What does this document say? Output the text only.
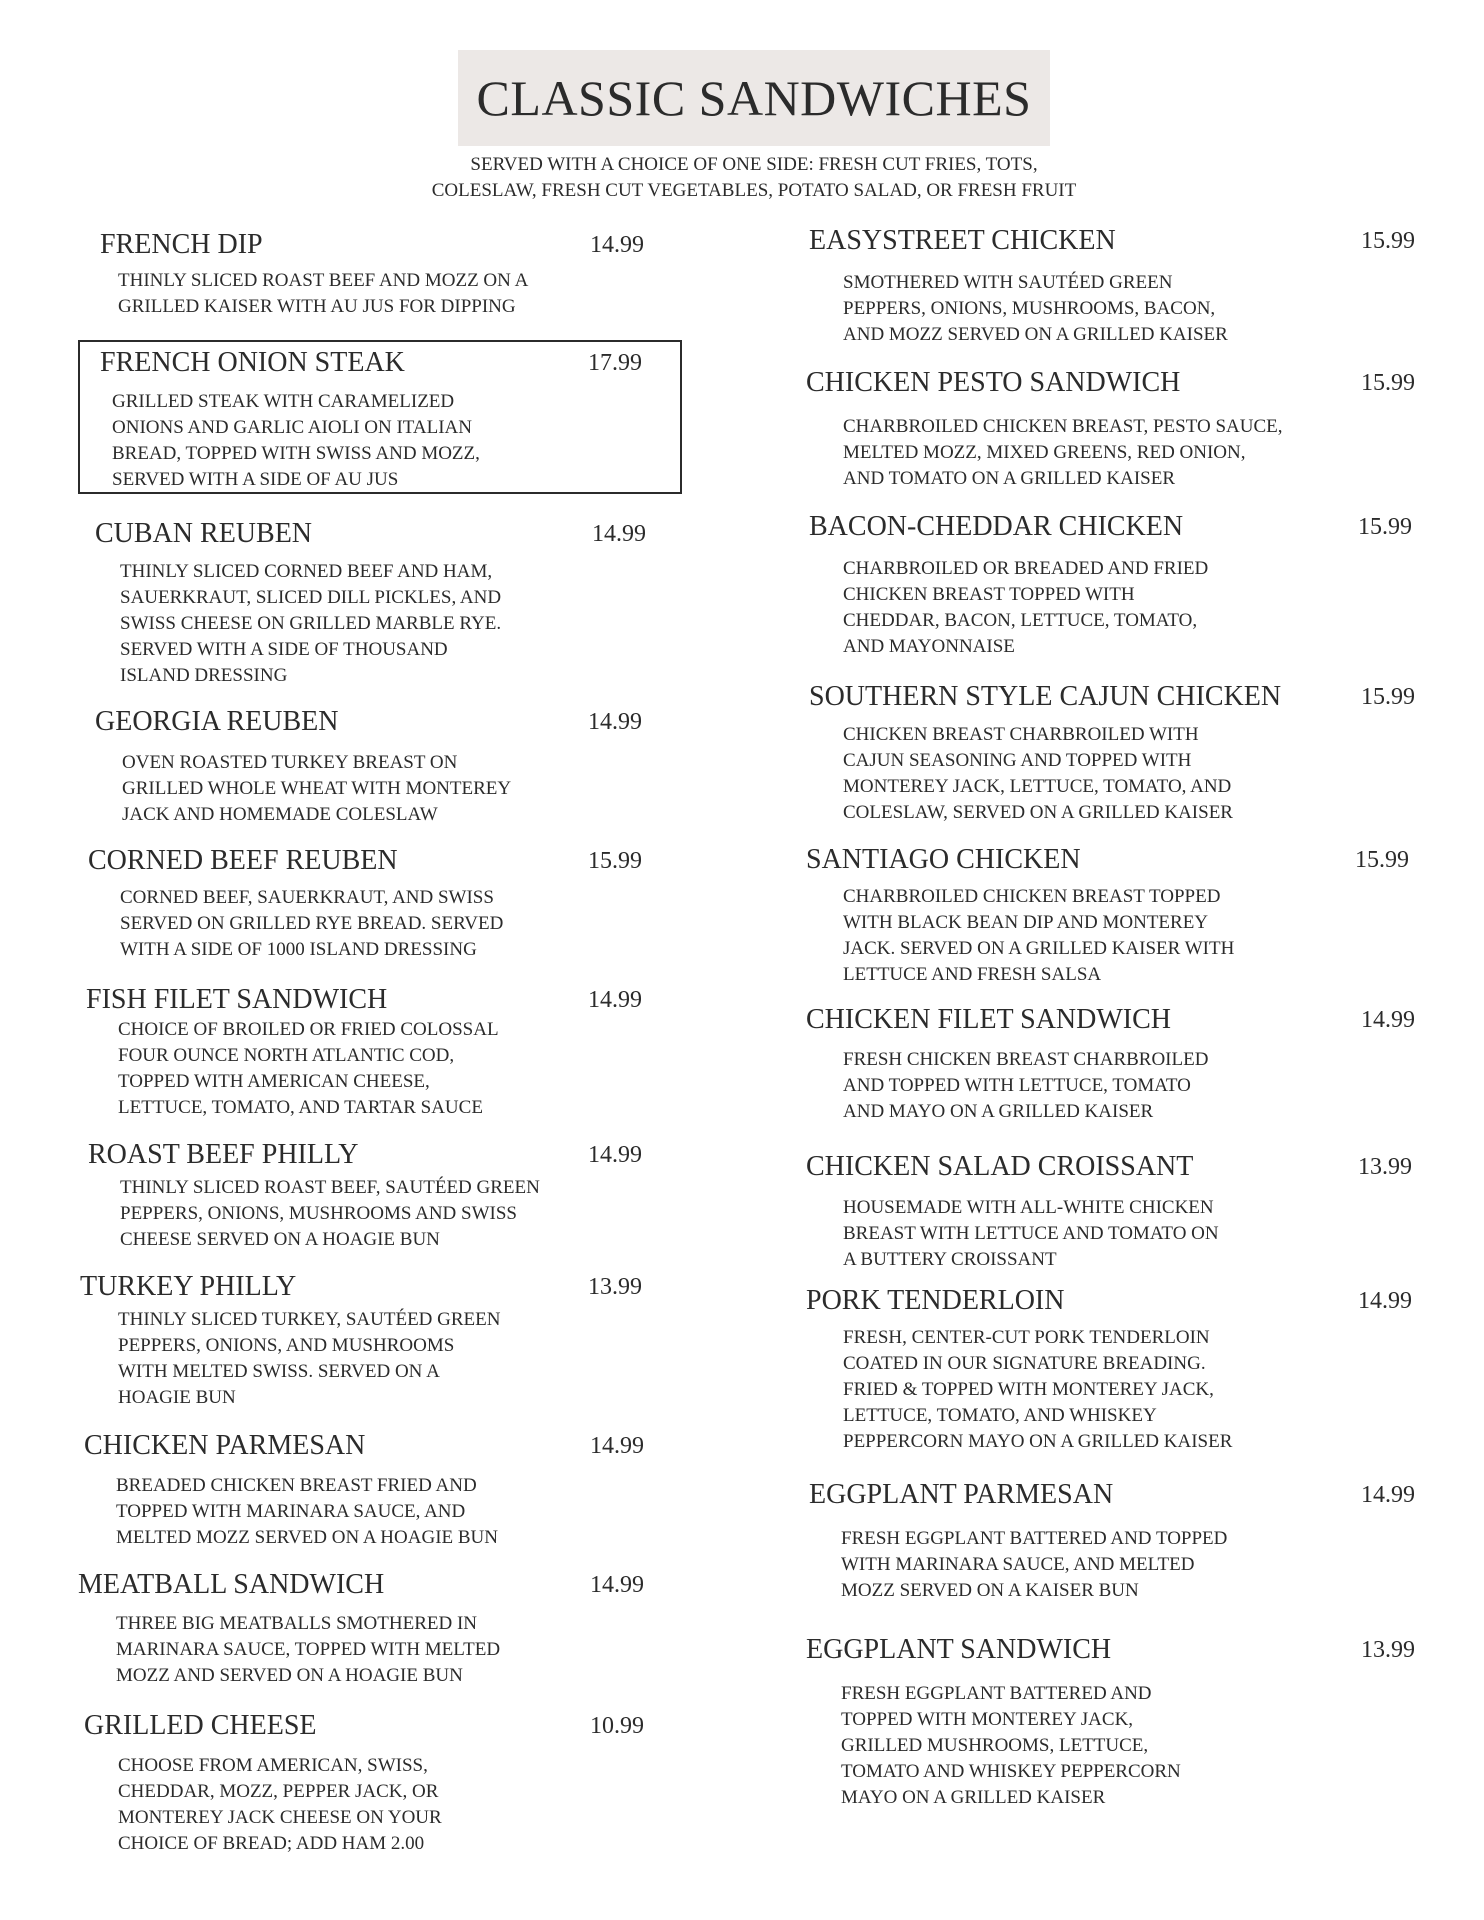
CLASSIC SANDWICHES
SERVED WITH A CHOICE OF ONE SIDE: FRESH CUT FRIES, TOTS,
COLESLAW, FRESH CUT VEGETABLES, POTATO SALAD, OR FRESH FRUIT
FRENCH DIP	14.99
THINLY SLICED ROAST BEEF AND MOZZ ON A
GRILLED KAISER WITH AU JUS FOR DIPPING
FRENCH ONION STEAK	17.99
GRILLED STEAK WITH CARAMELIZED
ONIONS AND GARLIC AIOLI ON ITALIAN
BREAD, TOPPED WITH SWISS AND MOZZ,
SERVED WITH A SIDE OF AU JUS
CUBAN REUBEN	14.99
THINLY SLICED CORNED BEEF AND HAM,
SAUERKRAUT, SLICED DILL PICKLES, AND
SWISS CHEESE ON GRILLED MARBLE RYE.
SERVED WITH A SIDE OF THOUSAND
ISLAND DRESSING
GEORGIA REUBEN	14.99
OVEN ROASTED TURKEY BREAST ON
GRILLED WHOLE WHEAT WITH MONTEREY
JACK AND HOMEMADE COLESLAW
CORNED BEEF REUBEN	15.99
CORNED BEEF, SAUERKRAUT, AND SWISS
SERVED ON GRILLED RYE BREAD. SERVED
WITH A SIDE OF 1000 ISLAND DRESSING
FISH FILET SANDWICH	14.99
CHOICE OF BROILED OR FRIED COLOSSAL
FOUR OUNCE NORTH ATLANTIC COD,
TOPPED WITH AMERICAN CHEESE,
LETTUCE, TOMATO, AND TARTAR SAUCE
ROAST BEEF PHILLY	14.99
THINLY SLICED ROAST BEEF, SAUTÉED GREEN
PEPPERS, ONIONS, MUSHROOMS AND SWISS
CHEESE SERVED ON A HOAGIE BUN
TURKEY PHILLY	13.99
THINLY SLICED TURKEY, SAUTÉED GREEN
PEPPERS, ONIONS, AND MUSHROOMS
WITH MELTED SWISS. SERVED ON A
HOAGIE BUN
CHICKEN PARMESAN	14.99
BREADED CHICKEN BREAST FRIED AND
TOPPED WITH MARINARA SAUCE, AND
MELTED MOZZ SERVED ON A HOAGIE BUN
MEATBALL SANDWICH	14.99
THREE BIG MEATBALLS SMOTHERED IN
MARINARA SAUCE, TOPPED WITH MELTED
MOZZ AND SERVED ON A HOAGIE BUN
GRILLED CHEESE	10.99
CHOOSE FROM AMERICAN, SWISS,
CHEDDAR, MOZZ, PEPPER JACK, OR
MONTEREY JACK CHEESE ON YOUR
CHOICE OF BREAD; ADD HAM 2.00
EASYSTREET CHICKEN	15.99
SMOTHERED WITH SAUTÉED GREEN
PEPPERS, ONIONS, MUSHROOMS, BACON,
AND MOZZ SERVED ON A GRILLED KAISER
CHICKEN PESTO SANDWICH	15.99
CHARBROILED CHICKEN BREAST, PESTO SAUCE,
MELTED MOZZ, MIXED GREENS, RED ONION,
AND TOMATO ON A GRILLED KAISER
BACON-CHEDDAR CHICKEN	15.99
CHARBROILED OR BREADED AND FRIED
CHICKEN BREAST TOPPED WITH
CHEDDAR, BACON, LETTUCE, TOMATO,
AND MAYONNAISE
SOUTHERN STYLE CAJUN CHICKEN	15.99
CHICKEN BREAST CHARBROILED WITH
CAJUN SEASONING AND TOPPED WITH
MONTEREY JACK, LETTUCE, TOMATO, AND
COLESLAW, SERVED ON A GRILLED KAISER
SANTIAGO CHICKEN	15.99
CHARBROILED CHICKEN BREAST TOPPED
WITH BLACK BEAN DIP AND MONTEREY
JACK. SERVED ON A GRILLED KAISER WITH
LETTUCE AND FRESH SALSA
CHICKEN FILET SANDWICH	14.99
FRESH CHICKEN BREAST CHARBROILED
AND TOPPED WITH LETTUCE, TOMATO
AND MAYO ON A GRILLED KAISER
CHICKEN SALAD CROISSANT	13.99
HOUSEMADE WITH ALL-WHITE CHICKEN
BREAST WITH LETTUCE AND TOMATO ON
A BUTTERY CROISSANT
PORK TENDERLOIN	14.99
FRESH, CENTER-CUT PORK TENDERLOIN
COATED IN OUR SIGNATURE BREADING.
FRIED & TOPPED WITH MONTEREY JACK,
LETTUCE, TOMATO, AND WHISKEY
PEPPERCORN MAYO ON A GRILLED KAISER
EGGPLANT PARMESAN	14.99
FRESH EGGPLANT BATTERED AND TOPPED
WITH MARINARA SAUCE, AND MELTED
MOZZ SERVED ON A KAISER BUN
EGGPLANT SANDWICH	13.99
FRESH EGGPLANT BATTERED AND
TOPPED WITH MONTEREY JACK,
GRILLED MUSHROOMS, LETTUCE,
TOMATO AND WHISKEY PEPPERCORN
MAYO ON A GRILLED KAISER
